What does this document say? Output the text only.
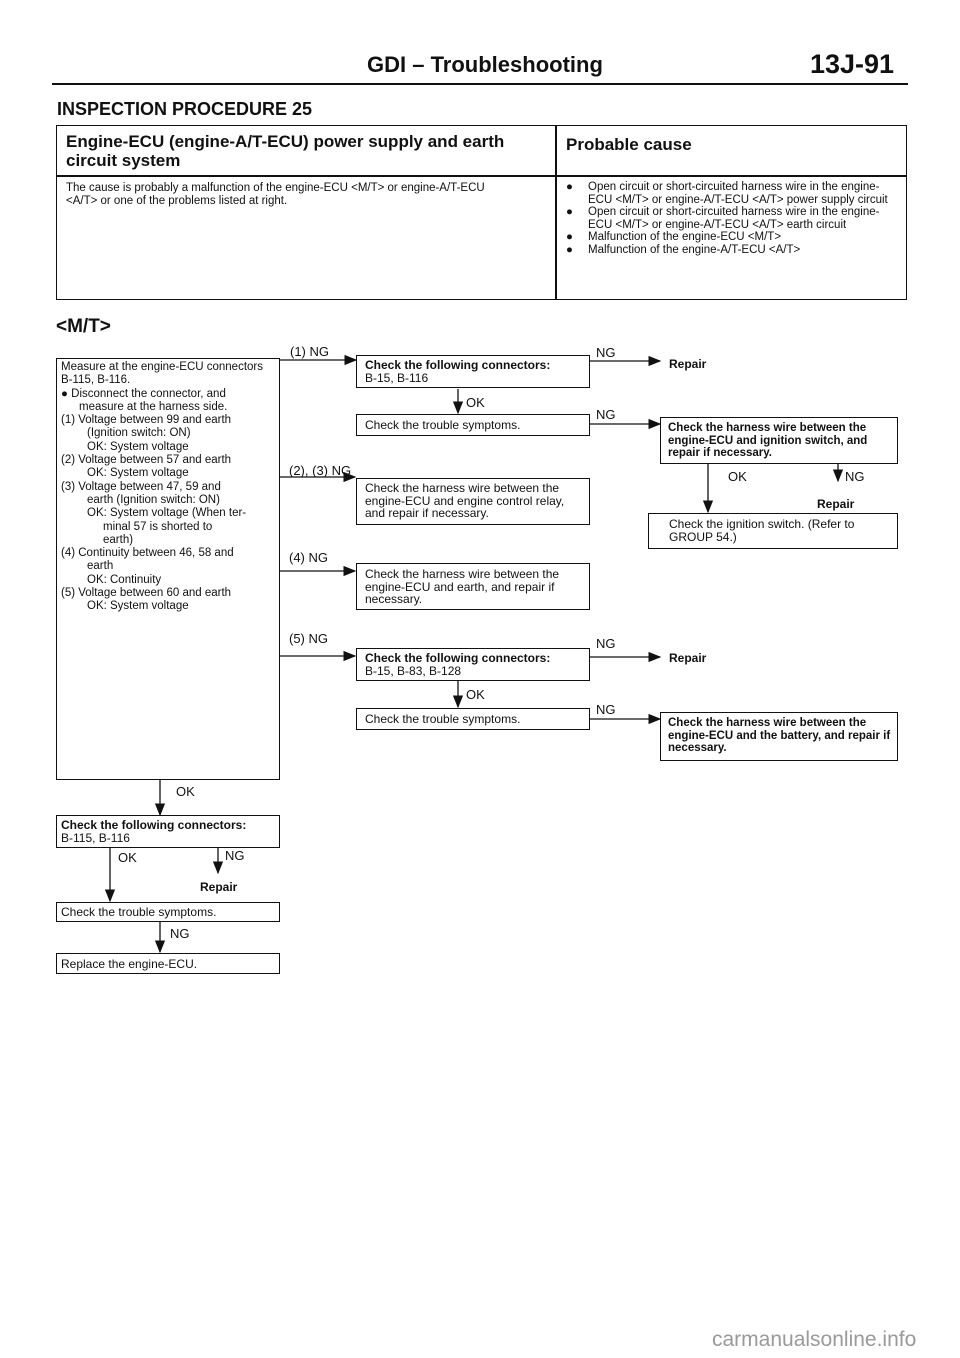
GDI – Troubleshooting	13J-91
INSPECTION PROCEDURE 25
Engine-ECU (engine-A/T-ECU) power supply and earth circuit system
Probable cause
The cause is probably a malfunction of the engine-ECU <M/T> or engine-A/T-ECU <A/T> or one of the problems listed at right.
● Open circuit or short-circuited harness wire in the engine-ECU <M/T> or engine-A/T-ECU <A/T> power supply circuit
● Open circuit or short-circuited harness wire in the engine-ECU <M/T> or engine-A/T-ECU <A/T> earth circuit
● Malfunction of the engine-ECU <M/T>
● Malfunction of the engine-A/T-ECU <A/T>
<M/T>
Measure at the engine-ECU connectors
B-115, B-116.
● Disconnect the connector, and
measure at the harness side.
(1) Voltage between 99 and earth
(Ignition switch: ON)
OK: System voltage
(2) Voltage between 57 and earth
OK: System voltage
(3) Voltage between 47, 59 and
earth (Ignition switch: ON)
OK: System voltage (When ter-
minal 57 is shorted to
earth)
(4) Continuity between 46, 58 and
earth
OK: Continuity
(5) Voltage between 60 and earth
OK: System voltage
(1) NG
(2), (3) NG
(4) NG
(5) NG
NG
NG
NG
NG
OK
OK
OK	NG
Repair
Repair
Repair
Check the following connectors:
B-15, B-116
Check the trouble symptoms.	Check the harness wire between the engine-ECU and ignition switch, and repair if necessary.
Check the harness wire between the engine-ECU and engine control relay, and repair if necessary.
Check the ignition switch. (Refer to GROUP 54.)
Check the harness wire between the engine-ECU and earth, and repair if necessary.
Check the following connectors:
B-15, B-83, B-128
Check the trouble symptoms.	Check the harness wire between the engine-ECU and the battery, and repair if necessary.
OK
Check the following connectors:
B-115, B-116
OK	NG
Repair
Check the trouble symptoms.
NG
Replace the engine-ECU.
carmanualsonline.info
